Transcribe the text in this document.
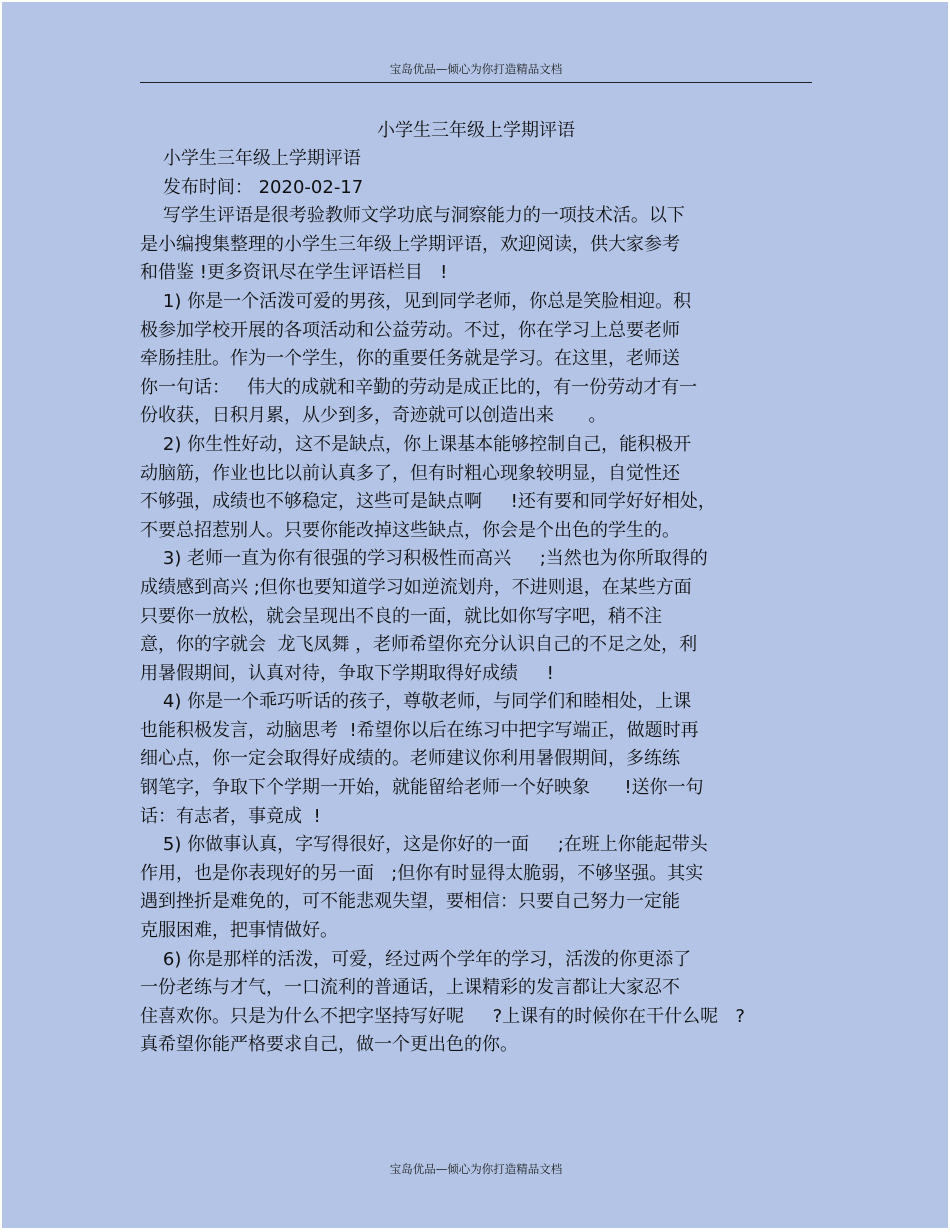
宝岛优品—倾心为你打造精品文档
小学生三年级上学期评语
小学生三年级上学期评语
发布时间： 2020-02-17
写学生评语是很考验教师文学功底与洞察能力的一项技术活。以下
是小编搜集整理的小学生三年级上学期评语，欢迎阅读，供大家参考
和借鉴 !更多资讯尽在学生评语栏目   !
1) 你是一个活泼可爱的男孩，见到同学老师，你总是笑脸相迎。积
极参加学校开展的各项活动和公益劳动。不过，你在学习上总要老师
牵肠挂肚。作为一个学生，你的重要任务就是学习。在这里，老师送
你一句话：   伟大的成就和辛勤的劳动是成正比的，有一份劳动才有一
份收获，日积月累，从少到多，奇迹就可以创造出来      。
2) 你生性好动，这不是缺点，你上课基本能够控制自己，能积极开
动脑筋，作业也比以前认真多了，但有时粗心现象较明显，自觉性还
不够强，成绩也不够稳定，这些可是缺点啊     !还有要和同学好好相处，
不要总招惹别人。只要你能改掉这些缺点，你会是个出色的学生的。
3) 老师一直为你有很强的学习积极性而高兴     ;当然也为你所取得的
成绩感到高兴 ;但你也要知道学习如逆流划舟，不进则退，在某些方面
只要你一放松，就会呈现出不良的一面，就比如你写字吧，稍不注
意，你的字就会  龙飞凤舞 ，老师希望你充分认识自己的不足之处，利
用暑假期间，认真对待，争取下学期取得好成绩     !
4) 你是一个乖巧听话的孩子，尊敬老师，与同学们和睦相处，上课
也能积极发言，动脑思考  !希望你以后在练习中把字写端正，做题时再
细心点，你一定会取得好成绩的。老师建议你利用暑假期间，多练练
钢笔字，争取下个学期一开始，就能留给老师一个好映象      !送你一句
话：有志者，事竟成  !
5) 你做事认真，字写得很好，这是你好的一面     ;在班上你能起带头
作用，也是你表现好的另一面   ;但你有时显得太脆弱，不够坚强。其实
遇到挫折是难免的，可不能悲观失望，要相信：只要自己努力一定能
克服困难，把事情做好。
6) 你是那样的活泼，可爱，经过两个学年的学习，活泼的你更添了
一份老练与才气，一口流利的普通话，上课精彩的发言都让大家忍不
住喜欢你。只是为什么不把字坚持写好呢     ?上课有的时候你在干什么呢   ?
真希望你能严格要求自己，做一个更出色的你。
宝岛优品—倾心为你打造精品文档
